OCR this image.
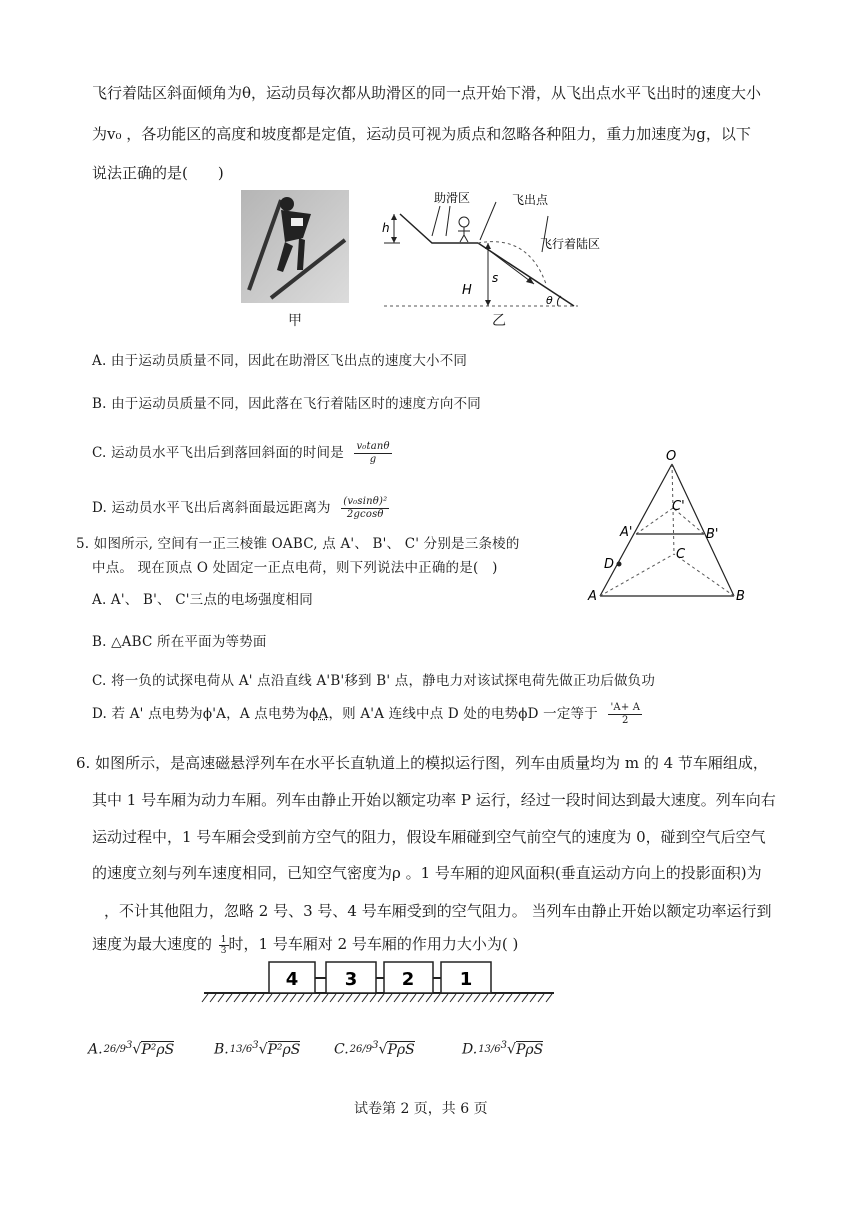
飞行着陆区斜面倾角为θ，运动员每次都从助滑区的同一点开始下滑，从飞出点水平飞出时的速度大小
为v₀ ，各功能区的高度和坡度都是定值，运动员可视为质点和忽略各种阻力，重力加速度为g，以下
说法正确的是(　　)
甲
h
H
s
θ
助滑区	飞出点
飞行着陆区
乙
A. 由于运动员质量不同，因此在助滑区飞出点的速度大小不同
B. 由于运动员质量不同，因此落在飞行着陆区时的速度方向不同
C. 运动员水平飞出后到落回斜面的时间是 $\frac{\text{v₀tanθ}}{g}$
D. 运动员水平飞出后离斜面最远距离为 $\frac{\text{(v₀sinθ)²}}{2gcos\theta}$
O
A	B
C
A'	B'
C'
D
5. 如图所示, 空间有一正三棱锥 OABC, 点 A'、 B'、 C' 分别是三条棱的
中点。 现在顶点 O 处固定一正点电荷，则下列说法中正确的是(　)
A. A'、 B'、 C'三点的电场强度相同
B. △ABC 所在平面为等势面
C. 将一负的试探电荷从 A' 点沿直线 A'B'移到 B' 点，静电力对该试探电荷先做正功后做负功
D. 若 A' 点电势为ϕ'A，A 点电势为ϕA，则 A'A 连线中点 D 处的电势ϕD 一定等于 $\frac{'A+ A}{2}$
6. 如图所示，是高速磁悬浮列车在水平长直轨道上的模拟运行图，列车由质量均为 m 的 4 节车厢组成，
其中 1 号车厢为动力车厢。列车由静止开始以额定功率 P 运行，经过一段时间达到最大速度。列车向右
运动过程中，1 号车厢会受到前方空气的阻力，假设车厢碰到空气前空气的速度为 0，碰到空气后空气
的速度立刻与列车速度相同，已知空气密度为ρ 。1 号车厢的迎风面积(垂直运动方向上的投影面积)为
，不计其他阻力，忽略 2 号、3 号、4 号车厢受到的空气阻力。 当列车由静止开始以额定功率运行到
速度为最大速度的 $\frac{1}{3}$ 时，1 号车厢对 2 号车厢的作用力大小为( )
4	3 2	1
$A.26/9^3√P^2\rho S$	$B.13/6^3√P^2\rho S$ $C.26/9^3√P\rho S$	$D.13/6^3√P\rho S$
试卷第 2 页，共 6 页
